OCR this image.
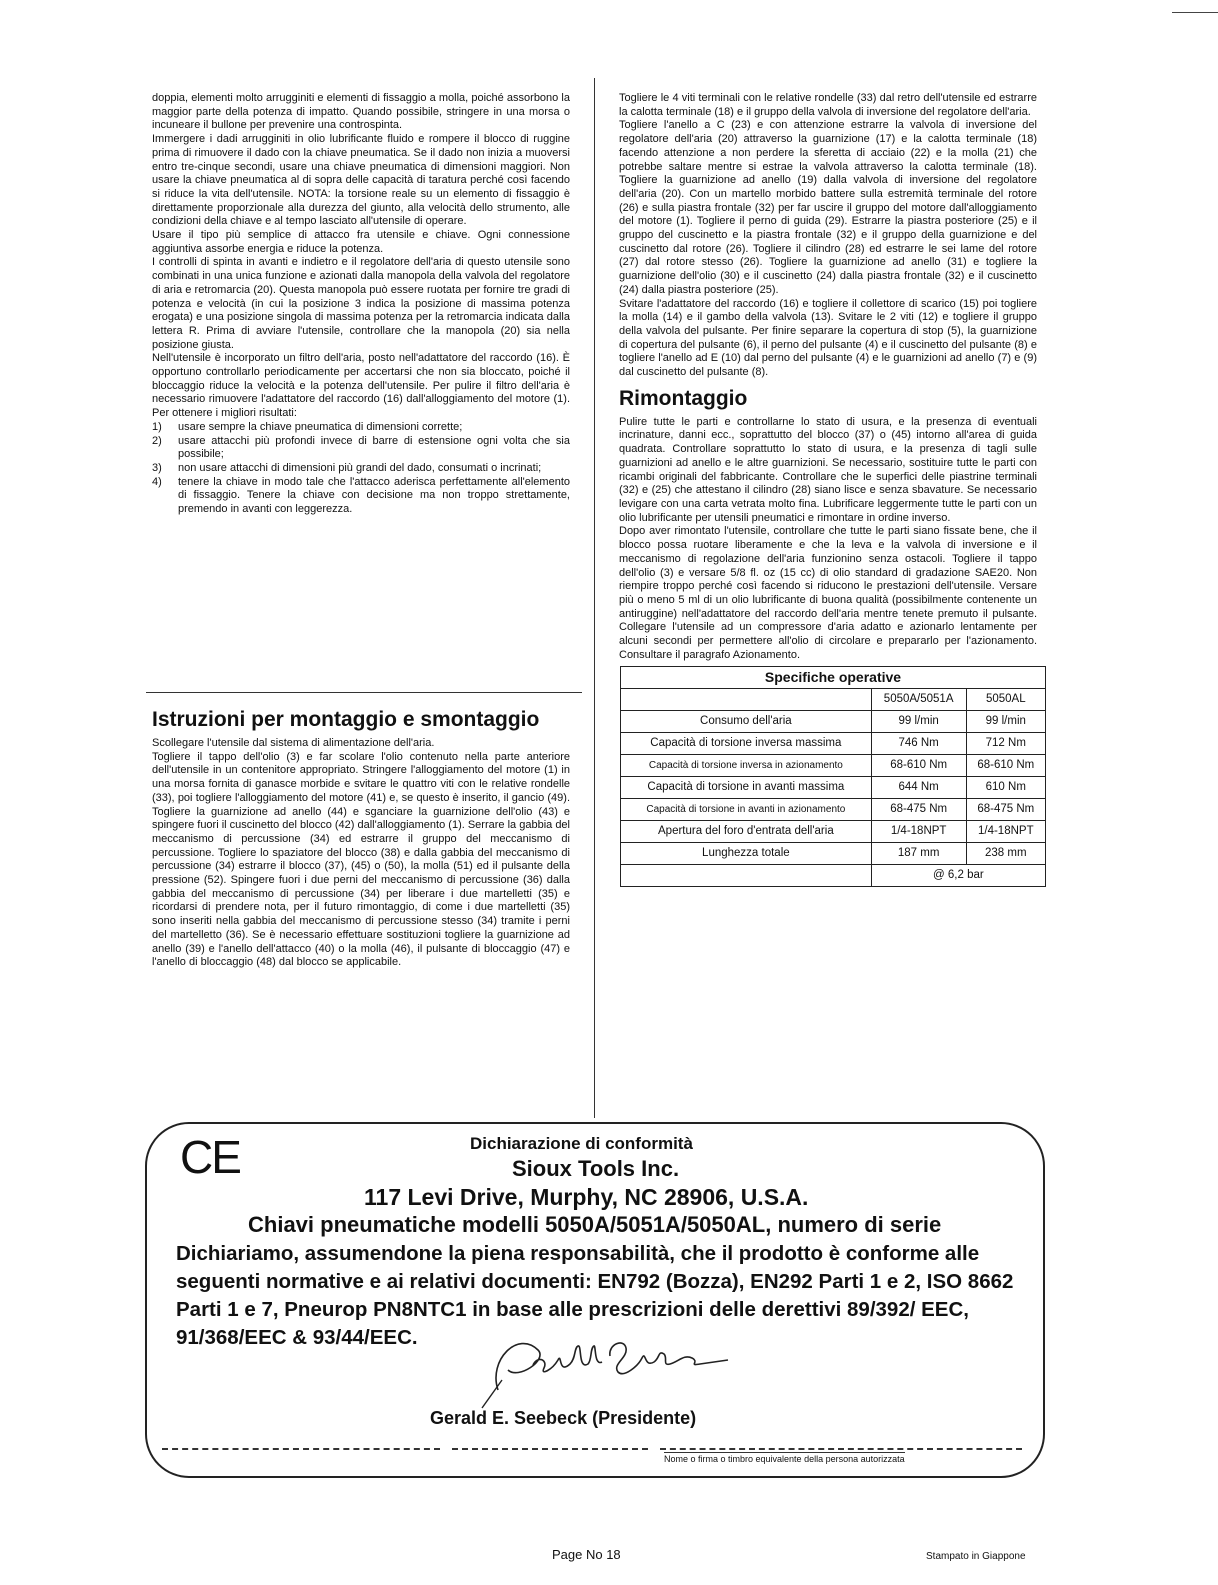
doppia, elementi molto arrugginiti e elementi di fissaggio a molla, poiché assorbono la maggior parte della potenza di impatto. Quando possibile, stringere in una morsa o incuneare il bullone per prevenire una controspinta.

Immergere i dadi arrugginiti in olio lubrificante fluido e rompere il blocco di ruggine prima di rimuovere il dado con la chiave pneumatica. Se il dado non inizia a muoversi entro tre-cinque secondi, usare una chiave pneumatica di dimensioni maggiori. Non usare la chiave pneumatica al di sopra delle capacità di taratura perché così facendo si riduce la vita dell'utensile. NOTA: la torsione reale su un elemento di fissaggio è direttamente proporzionale alla durezza del giunto, alla velocità dello strumento, alle condizioni della chiave e al tempo lasciato all'utensile di operare.

Usare il tipo più semplice di attacco fra utensile e chiave. Ogni connessione aggiuntiva assorbe energia e riduce la potenza.

I controlli di spinta in avanti e indietro e il regolatore dell'aria di questo utensile sono combinati in una unica funzione e azionati dalla manopola della valvola del regolatore di aria e retromarcia (20). Questa manopola può essere ruotata per fornire tre gradi di potenza e velocità (in cui la posizione 3 indica la posizione di massima potenza erogata) e una posizione singola di massima potenza per la retromarcia indicata dalla lettera R. Prima di avviare l'utensile, controllare che la manopola (20) sia nella posizione giusta.

Nell'utensile è incorporato un filtro dell'aria, posto nell'adattatore del raccordo (16). È opportuno controllarlo periodicamente per accertarsi che non sia bloccato, poiché il bloccaggio riduce la velocità e la potenza dell'utensile. Per pulire il filtro dell'aria è necessario rimuovere l'adattatore del raccordo (16) dall'alloggiamento del motore (1). Per ottenere i migliori risultati:

1)	usare sempre la chiave pneumatica di dimensioni corrette;
2)	usare attacchi più profondi invece di barre di estensione ogni volta che sia possibile;
3)	non usare attacchi di dimensioni più grandi del dado, consumati o incrinati;
4)	tenere la chiave in modo tale che l'attacco aderisca perfettamente all'elemento di fissaggio. Tenere la chiave con decisione ma non troppo strettamente, premendo in avanti con leggerezza.
Istruzioni per montaggio e smontaggio

Scollegare l'utensile dal sistema di alimentazione dell'aria.

Togliere il tappo dell'olio (3) e far scolare l'olio contenuto nella parte anteriore dell'utensile in un contenitore appropriato. Stringere l'alloggiamento del motore (1) in una morsa fornita di ganasce morbide e svitare le quattro viti con le relative rondelle (33), poi togliere l'alloggiamento del motore (41) e, se questo è inserito, il gancio (49). Togliere la guarnizione ad anello (44) e sganciare la guarnizione dell'olio (43) e spingere fuori il cuscinetto del blocco (42) dall'alloggiamento (1). Serrare la gabbia del meccanismo di percussione (34) ed estrarre il gruppo del meccanismo di percussione. Togliere lo spaziatore del blocco (38) e dalla gabbia del meccanismo di percussione (34) estrarre il blocco (37), (45) o (50), la molla (51) ed il pulsante della pressione (52). Spingere fuori i due perni del meccanismo di percussione (36) dalla gabbia del meccanismo di percussione (34) per liberare i due martelletti (35) e ricordarsi di prendere nota, per il futuro rimontaggio, di come i due martelletti (35) sono inseriti nella gabbia del meccanismo di percussione stesso (34) tramite i perni del martelletto (36). Se è necessario effettuare sostituzioni togliere la guarnizione ad anello (39) e l'anello dell'attacco (40) o la molla (46), il pulsante di bloccaggio (47) e l'anello di bloccaggio (48) dal blocco se applicabile.

Togliere le 4 viti terminali con le relative rondelle (33) dal retro dell'utensile ed estrarre la calotta terminale (18) e il gruppo della valvola di inversione del regolatore dell'aria.

Togliere l'anello a C (23) e con attenzione estrarre la valvola di inversione del regolatore dell'aria (20) attraverso la guarnizione (17) e la calotta terminale (18) facendo attenzione a non perdere la sferetta di acciaio (22) e la molla (21) che potrebbe saltare mentre si estrae la valvola attraverso la calotta terminale (18). Togliere la guarnizione ad anello (19) dalla valvola di inversione del regolatore dell'aria (20). Con un martello morbido battere sulla estremità terminale del rotore (26) e sulla piastra frontale (32) per far uscire il gruppo del motore dall'alloggiamento del motore (1). Togliere il perno di guida (29). Estrarre la piastra posteriore (25) e il gruppo del cuscinetto e la piastra frontale (32) e il gruppo della guarnizione e del cuscinetto dal rotore (26). Togliere il cilindro (28) ed estrarre le sei lame del rotore (27) dal rotore stesso (26). Togliere la guarnizione ad anello (31) e togliere la guarnizione dell'olio (30) e il cuscinetto (24) dalla piastra frontale (32) e il cuscinetto (24) dalla piastra posteriore (25).

Svitare l'adattatore del raccordo (16) e togliere il collettore di scarico (15) poi togliere la molla (14) e il gambo della valvola (13). Svitare le 2 viti (12) e togliere il gruppo della valvola del pulsante. Per finire separare la copertura di stop (5), la guarnizione di copertura del pulsante (6), il perno del pulsante (4) e il cuscinetto del pulsante (8) e togliere l'anello ad E (10) dal perno del pulsante (4) e le guarnizioni ad anello (7) e (9) dal cuscinetto del pulsante (8).

Rimontaggio

Pulire tutte le parti e controllarne lo stato di usura, e la presenza di eventuali incrinature, danni ecc., soprattutto del blocco (37) o (45) intorno all'area di guida quadrata. Controllare soprattutto lo stato di usura, e la presenza di tagli sulle guarnizioni ad anello e le altre guarnizioni. Se necessario, sostituire tutte le parti con ricambi originali del fabbricante. Controllare che le superfici delle piastrine terminali (32) e (25) che attestano il cilindro (28) siano lisce e senza sbavature. Se necessario levigare con una carta vetrata molto fina. Lubrificare leggermente tutte le parti con un olio lubrificante per utensili pneumatici e rimontare in ordine inverso.

Dopo aver rimontato l'utensile, controllare che tutte le parti siano fissate bene, che il blocco possa ruotare liberamente e che la leva e la valvola di inversione e il meccanismo di regolazione dell'aria funzionino senza ostacoli. Togliere il tappo dell'olio (3) e versare 5/8 fl. oz (15 cc) di olio standard di gradazione SAE20. Non riempire troppo perché così facendo si riducono le prestazioni dell'utensile. Versare più o meno 5 ml di un olio lubrificante di buona qualità (possibilmente contenente un antiruggine) nell'adattatore del raccordo dell'aria mentre tenete premuto il pulsante. Collegare l'utensile ad un compressore d'aria adatto e azionarlo lentamente per alcuni secondi per permettere all'olio di circolare e prepararlo per l'azionamento. Consultare il paragrafo Azionamento.

Specifiche operative		
	5050A/5051A	5050AL
Consumo dell'aria	99 l/min	99 l/min
Capacità di torsione inversa massima	746 Nm	712 Nm
Capacità di torsione inversa in azionamento	68-610 Nm	68-610 Nm
Capacità di torsione in avanti massima	644 Nm	610 Nm
Capacità di torsione in avanti in azionamento	68-475 Nm	68-475 Nm
Apertura del foro d'entrata dell'aria	1/4-18NPT	1/4-18NPT
Lunghezza totale	187 mm	238 mm
	@ 6,2 bar	
CE	Dichiarazione di conformità
Sioux Tools Inc.
117 Levi Drive, Murphy, NC 28906, U.S.A.
Chiavi pneumatiche modelli 5050A/5051A/5050AL, numero di serie
Dichiariamo, assumendone la piena responsabilità, che il prodotto è conforme alle seguenti normative e ai relativi documenti: EN792 (Bozza), EN292 Parti 1 e 2, ISO 8662 Parti 1 e 7, Pneurop PN8NTC1 in base alle prescrizioni delle derettivi 89/392/ EEC, 91/368/EEC & 93/44/EEC.
Gerald E. Seebeck (Presidente)
Nome o firma o timbro equivalente della persona autorizzata
Page No 18	Stampato in Giappone
